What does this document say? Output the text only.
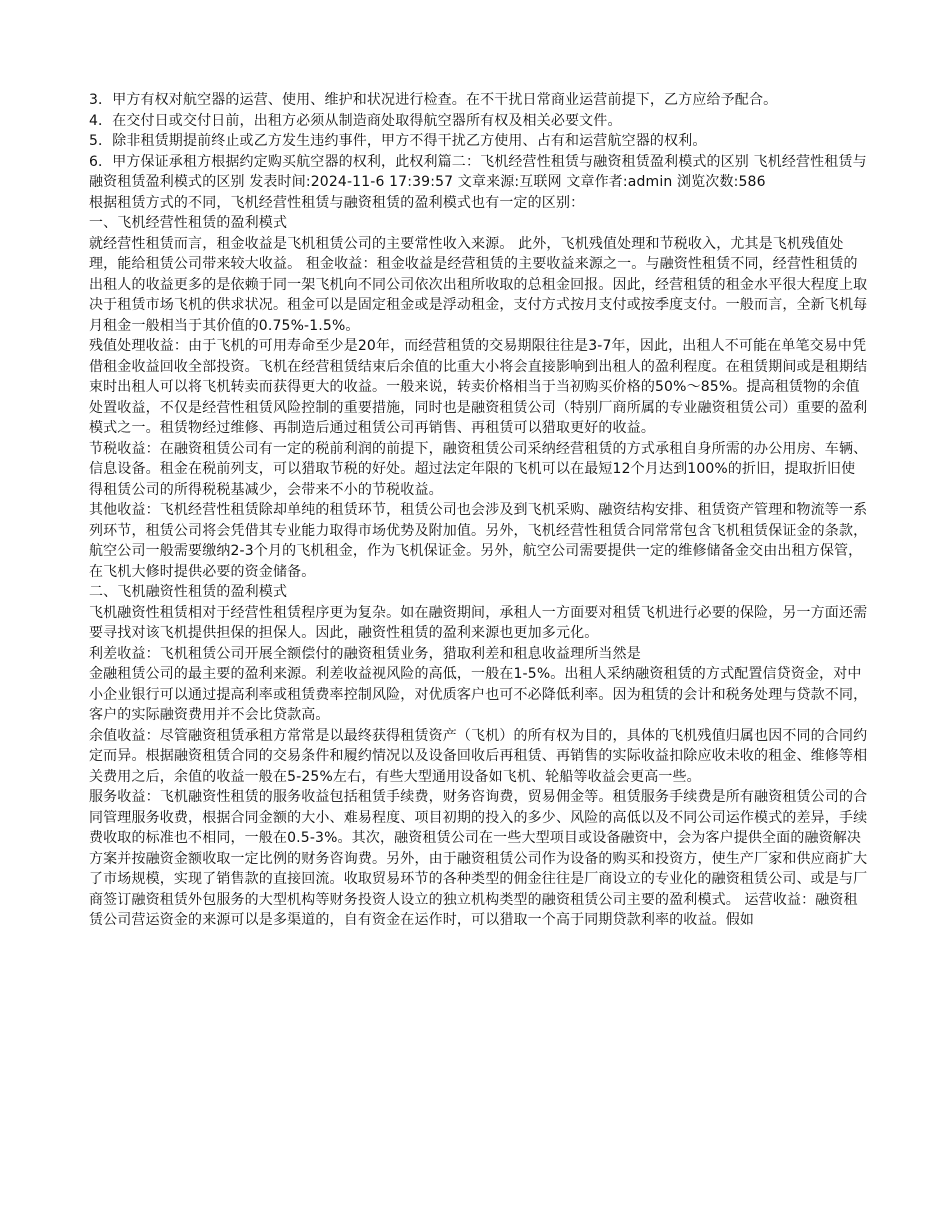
3．甲方有权对航空器的运营、使用、维护和状况进行检查。在不干扰日常商业运营前提下，乙方应给予配合。

4．在交付日或交付日前，出租方必须从制造商处取得航空器所有权及相关必要文件。

5．除非租赁期提前终止或乙方发生违约事件，甲方不得干扰乙方使用、占有和运营航空器的权利。

6．甲方保证承租方根据约定购买航空器的权利，此权利篇二：飞机经营性租赁与融资租赁盈利模式的区别 飞机经营性租赁与融资租赁盈利模式的区别 发表时间:2024-11-6 17:39:57 文章来源:互联网 文章作者:admin 浏览次数:586

根据租赁方式的不同，飞机经营性租赁与融资租赁的盈利模式也有一定的区别：

一、飞机经营性租赁的盈利模式

就经营性租赁而言，租金收益是飞机租赁公司的主要常性收入来源。 此外，飞机残值处理和节税收入，尤其是飞机残值处理，能给租赁公司带来较大收益。 租金收益：租金收益是经营租赁的主要收益来源之一。与融资性租赁不同，经营性租赁的出租人的收益更多的是依赖于同一架飞机向不同公司依次出租所收取的总租金回报。因此，经营租赁的租金水平很大程度上取决于租赁市场飞机的供求状况。租金可以是固定租金或是浮动租金，支付方式按月支付或按季度支付。一般而言，全新飞机每月租金一般相当于其价值的0.75%-1.5%。

残值处理收益：由于飞机的可用寿命至少是20年，而经营租赁的交易期限往往是3-7年，因此，出租人不可能在单笔交易中凭借租金收益回收全部投资。飞机在经营租赁结束后余值的比重大小将会直接影响到出租人的盈利程度。在租赁期间或是租期结束时出租人可以将飞机转卖而获得更大的收益。一般来说，转卖价格相当于当初购买价格的50%～85%。提高租赁物的余值处置收益，不仅是经营性租赁风险控制的重要措施，同时也是融资租赁公司（特别厂商所属的专业融资租赁公司）重要的盈利模式之一。租赁物经过维修、再制造后通过租赁公司再销售、再租赁可以猎取更好的收益。

节税收益：在融资租赁公司有一定的税前利润的前提下，融资租赁公司采纳经营租赁的方式承租自身所需的办公用房、车辆、信息设备。租金在税前列支，可以猎取节税的好处。超过法定年限的飞机可以在最短12个月达到100%的折旧，提取折旧使得租赁公司的所得税税基减少，会带来不小的节税收益。

其他收益：飞机经营性租赁除却单纯的租赁环节，租赁公司也会涉及到飞机采购、融资结构安排、租赁资产管理和物流等一系列环节，租赁公司将会凭借其专业能力取得市场优势及附加值。另外，飞机经营性租赁合同常常包含飞机租赁保证金的条款，航空公司一般需要缴纳2-3个月的飞机租金，作为飞机保证金。另外，航空公司需要提供一定的维修储备金交由出租方保管，在飞机大修时提供必要的资金储备。

二、飞机融资性租赁的盈利模式

飞机融资性租赁相对于经营性租赁程序更为复杂。如在融资期间，承租人一方面要对租赁飞机进行必要的保险，另一方面还需要寻找对该飞机提供担保的担保人。因此，融资性租赁的盈利来源也更加多元化。

利差收益：飞机租赁公司开展全额偿付的融资租赁业务，猎取利差和租息收益理所当然是

金融租赁公司的最主要的盈利来源。利差收益视风险的高低，一般在1-5%。出租人采纳融资租赁的方式配置信贷资金，对中小企业银行可以通过提高利率或租赁费率控制风险，对优质客户也可不必降低利率。因为租赁的会计和税务处理与贷款不同，客户的实际融资费用并不会比贷款高。

余值收益：尽管融资租赁承租方常常是以最终获得租赁资产（飞机）的所有权为目的，具体的飞机残值归属也因不同的合同约定而异。根据融资租赁合同的交易条件和履约情况以及设备回收后再租赁、再销售的实际收益扣除应收未收的租金、维修等相关费用之后，余值的收益一般在5-25%左右，有些大型通用设备如飞机、轮船等收益会更高一些。

服务收益：飞机融资性租赁的服务收益包括租赁手续费，财务咨询费，贸易佣金等。租赁服务手续费是所有融资租赁公司的合同管理服务收费，根据合同金额的大小、难易程度、项目初期的投入的多少、风险的高低以及不同公司运作模式的差异，手续费收取的标准也不相同，一般在0.5-3%。其次，融资租赁公司在一些大型项目或设备融资中，会为客户提供全面的融资解决方案并按融资金额收取一定比例的财务咨询费。另外，由于融资租赁公司作为设备的购买和投资方，使生产厂家和供应商扩大了市场规模，实现了销售款的直接回流。收取贸易环节的各种类型的佣金往往是厂商设立的专业化的融资租赁公司、或是与厂商签订融资租赁外包服务的大型机构等财务投资人设立的独立机构类型的融资租赁公司主要的盈利模式。 运营收益：融资租赁公司营运资金的来源可以是多渠道的，自有资金在运作时，可以猎取一个高于同期贷款利率的收益。假如
